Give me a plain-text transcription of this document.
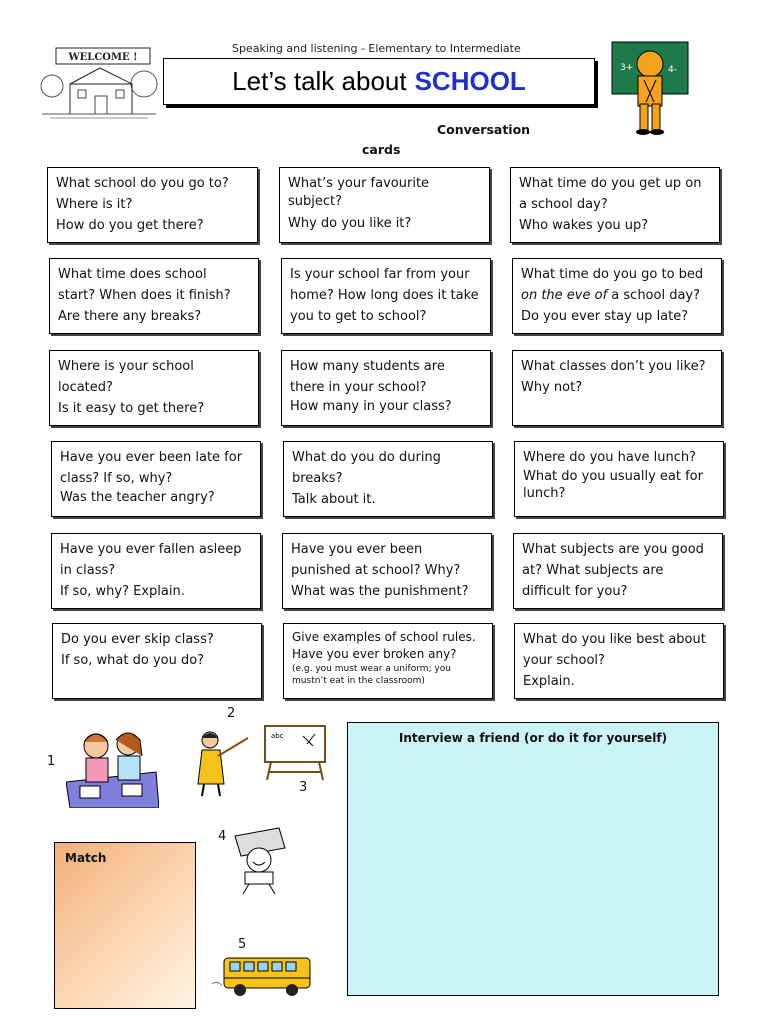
Speaking and listening - Elementary to Intermediate
WELCOME !
Let’s talk about SCHOOL	3+	4-
Conversation
cards
What school do you go to?
Where is it?
How do you get there?
What’s your favourite
subject?
Why do you like it?
What time do you get up on
a school day?
Who wakes you up?
What time does school
start? When does it finish?
Are there any breaks?
Is your school far from your
home? How long does it take
you to get to school?
What time do you go to bed
on the eve of a school day?
Do you ever stay up late?
Where is your school
located?
Is it easy to get there?
How many students are
there in your school?
How many in your class?
What classes don’t you like?
Why not?
Have you ever been late for
class? If so, why?
Was the teacher angry?
What do you do during
breaks?
Talk about it.
Where do you have lunch?
What do you usually eat for
lunch?
Have you ever fallen asleep
in class?
If so, why? Explain.
Have you ever been
punished at school? Why?
What was the punishment?
What subjects are you good
at? What subjects are
difficult for you?
Do you ever skip class?
If so, what do you do?
Give examples of school rules.
Have you ever broken any?
(e.g. you must wear a uniform; you
mustn’t eat in the classroom)
What do you like best about
your school?
Explain.
1
2
3
4
5
abc
Match
Interview a friend (or do it for yourself)
